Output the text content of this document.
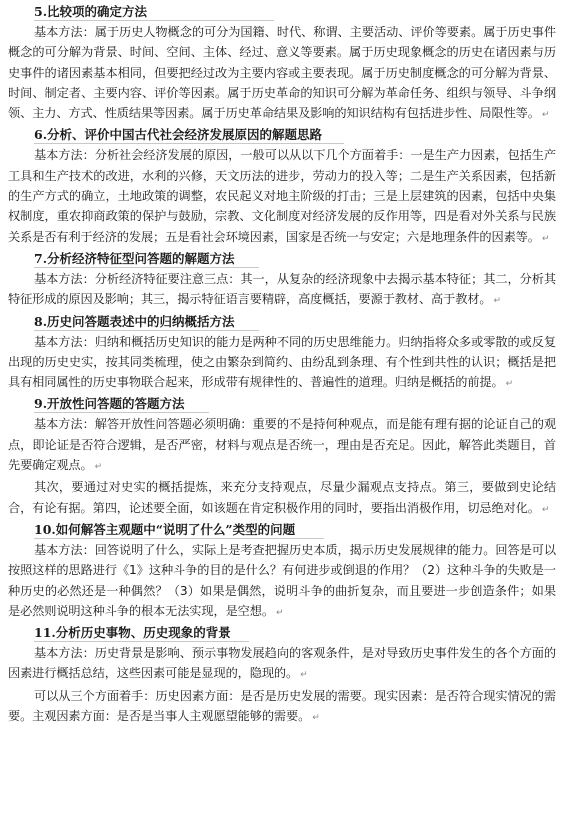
5.比较项的确定方法

基本方法：属于历史人物概念的可分为国籍、时代、称谓、主要活动、评价等要素。属于历史事件概念的可分解为背景、时间、空间、主体、经过、意义等要素。属于历史现象概念的历史在诸因素与历史事件的诸因素基本相同，但要把经过改为主要内容或主要表现。属于历史制度概念的可分解为背景、时间、制定者、主要内容、评价等因素。属于历史革命的知识可分解为革命任务、组织与领导、斗争纲领、主力、方式、性质结果等因素。属于历史革命结果及影响的知识结构有包括进步性、局限性等。 ↵

6.分析、评价中国古代社会经济发展原因的解题思路

基本方法：分析社会经济发展的原因，一般可以从以下几个方面着手：一是生产力因素，包括生产工具和生产技术的改进，水利的兴修，天文历法的进步，劳动力的投入等；二是生产关系因素，包括新的生产方式的确立，土地政策的调整，农民起义对地主阶级的打击；三是上层建筑的因素，包括中央集权制度，重农抑商政策的保护与鼓励，宗教、文化制度对经济发展的反作用等，四是看对外关系与民族关系是否有利于经济的发展；五是看社会环境因素，国家是否统一与安定；六是地理条件的因素等。 ↵

7.分析经济特征型问答题的解题方法

基本方法：分析经济特征要注意三点：其一，从复杂的经济现象中去揭示基本特征；其二，分析其特征形成的原因及影响；其三，揭示特征语言要精辟，高度概括，要源于教材、高于教材。 ↵

8.历史问答题表述中的归纳概括方法

基本方法：归纳和概括历史知识的能力是两种不同的历史思维能力。归纳指将众多或零散的或反复出现的历史史实，按其同类梳理，使之由繁杂到简约、由纷乱到条理、有个性到共性的认识；概括是把具有相同属性的历史事物联合起来，形成带有规律性的、普遍性的道理。归纳是概括的前提。 ↵

9.开放性问答题的答题方法

基本方法：解答开放性问答题必须明确：重要的不是持何种观点，而是能有理有据的论证自己的观点，即论证是否符合逻辑，是否严密，材料与观点是否统一，理由是否充足。因此，解答此类题目，首先要确定观点。 ↵

其次，要通过对史实的概括提炼，来充分支持观点，尽量少漏观点支持点。第三，要做到史论结合，有论有据。第四，论述要全面，如该题在肯定积极作用的同时，要指出消极作用，切忌绝对化。 ↵

10.如何解答主观题中“说明了什么”类型的问题

基本方法：回答说明了什么，实际上是考查把握历史本质，揭示历史发展规律的能力。回答是可以按照这样的思路进行《1》这种斗争的目的是什么？有何进步或倒退的作用？（2）这种斗争的失败是一种历史的必然还是一种偶然？（3）如果是偶然，说明斗争的曲折复杂，而且要进一步创造条件；如果是必然则说明这种斗争的根本无法实现，是空想。 ↵

11.分析历史事物、历史现象的背景

基本方法：历史背景是影响、预示事物发展趋向的客观条件，是对导致历史事件发生的各个方面的因素进行概括总结，这些因素可能是显现的，隐现的。 ↵

可以从三个方面着手：历史因素方面：是否是历史发展的需要。现实因素：是否符合现实情况的需要。主观因素方面：是否是当事人主观愿望能够的需要。 ↵
